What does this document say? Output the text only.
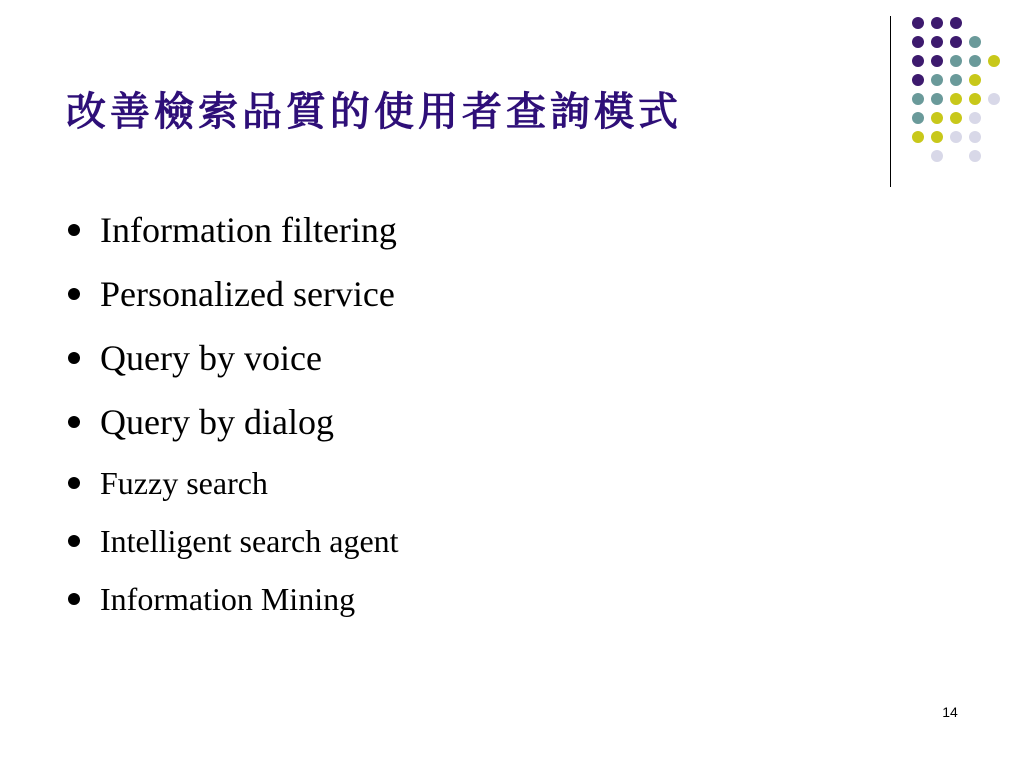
改善檢索品質的使用者查詢模式
Information filtering
Personalized service
Query by voice
Query by dialog
Fuzzy search
Intelligent search agent
Information Mining
14
